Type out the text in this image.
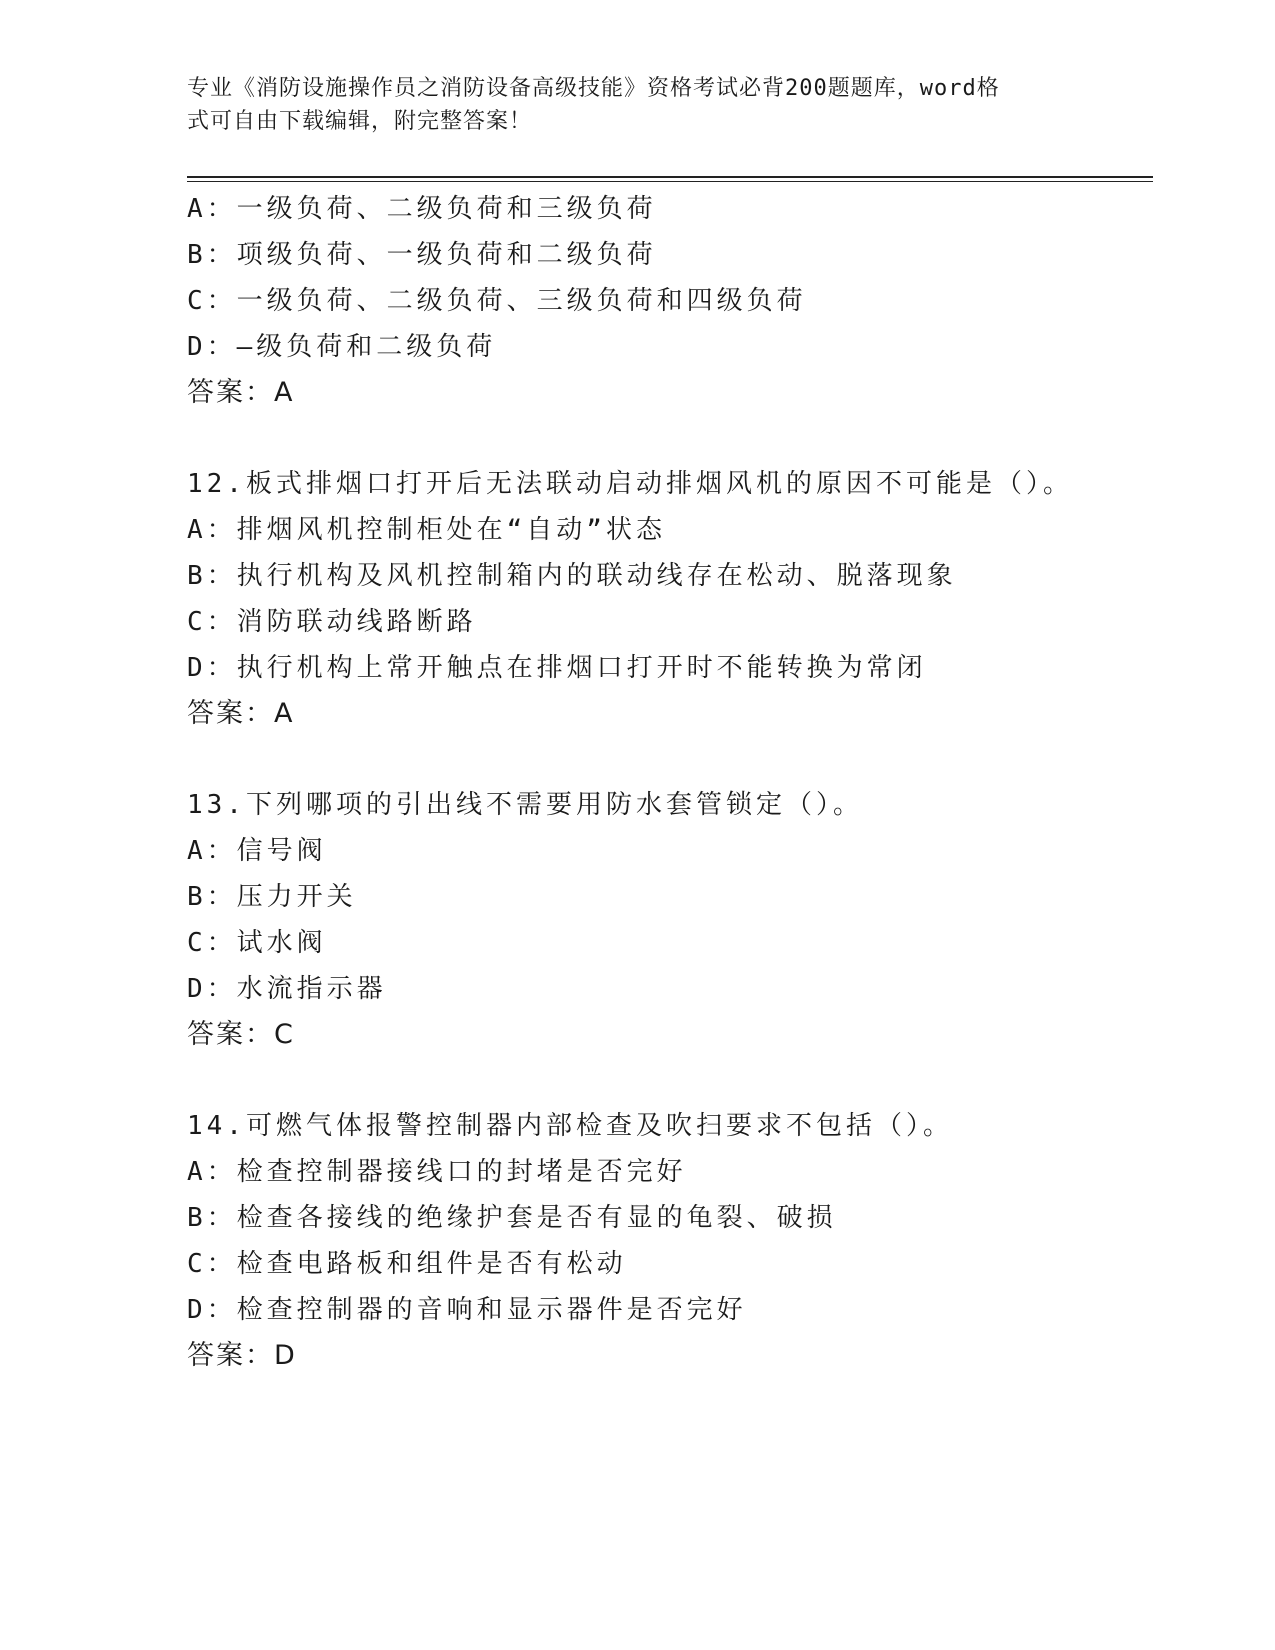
专业《消防设施操作员之消防设备高级技能》资格考试必背200题题库，word格
式可自由下载编辑，附完整答案！
A：一级负荷、二级负荷和三级负荷
B：项级负荷、一级负荷和二级负荷
C：一级负荷、二级负荷、三级负荷和四级负荷
D：—级负荷和二级负荷
答案：A
12.板式排烟口打开后无法联动启动排烟风机的原因不可能是（）。
A：排烟风机控制柜处在“自动”状态
B：执行机构及风机控制箱内的联动线存在松动、脱落现象
C：消防联动线路断路
D：执行机构上常开触点在排烟口打开时不能转换为常闭
答案：A
13.下列哪项的引出线不需要用防水套管锁定（）。
A：信号阀
B：压力开关
C：试水阀
D：水流指示器
答案：C
14.可燃气体报警控制器内部检查及吹扫要求不包括（）。
A：检查控制器接线口的封堵是否完好
B：检查各接线的绝缘护套是否有显的龟裂、破损
C：检查电路板和组件是否有松动
D：检查控制器的音响和显示器件是否完好
答案：D
